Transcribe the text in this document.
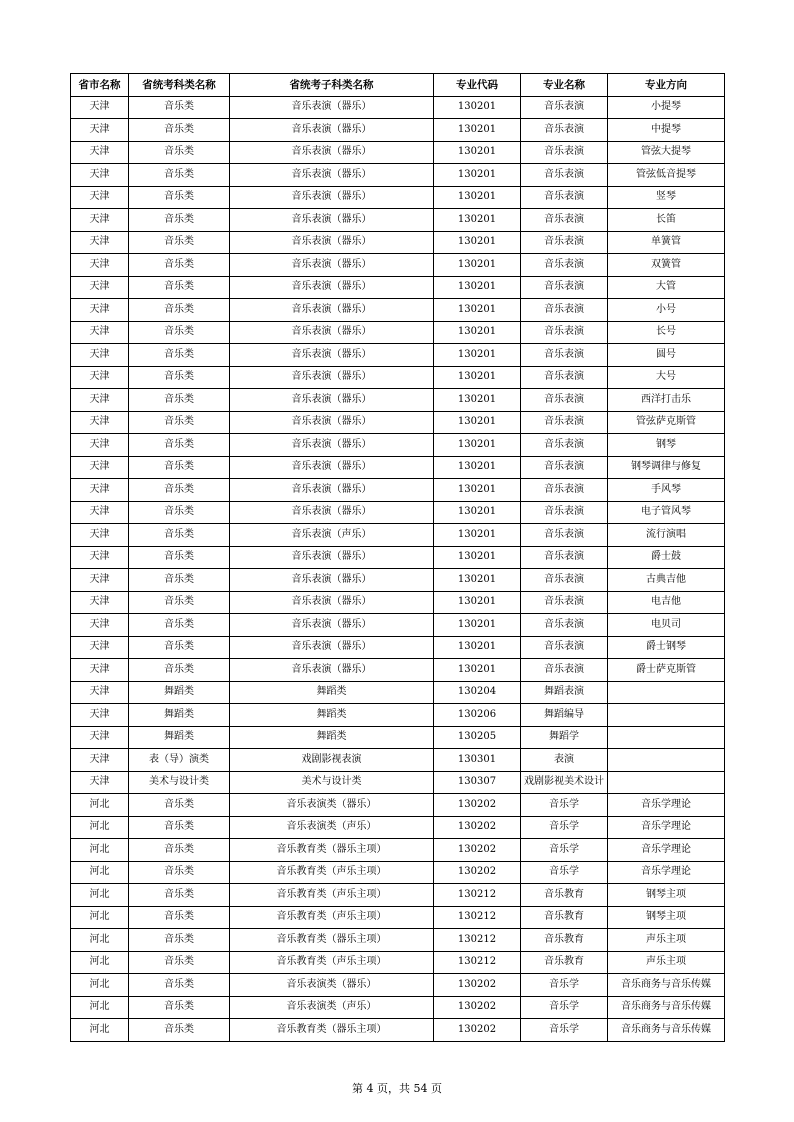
省市名称	省统考科类名称	省统考子科类名称	专业代码	专业名称	专业方向
天津	音乐类	音乐表演（器乐）	130201	音乐表演	小提琴
天津	音乐类	音乐表演（器乐）	130201	音乐表演	中提琴
天津	音乐类	音乐表演（器乐）	130201	音乐表演	管弦大提琴
天津	音乐类	音乐表演（器乐）	130201	音乐表演	管弦低音提琴
天津	音乐类	音乐表演（器乐）	130201	音乐表演	竖琴
天津	音乐类	音乐表演（器乐）	130201	音乐表演	长笛
天津	音乐类	音乐表演（器乐）	130201	音乐表演	单簧管
天津	音乐类	音乐表演（器乐）	130201	音乐表演	双簧管
天津	音乐类	音乐表演（器乐）	130201	音乐表演	大管
天津	音乐类	音乐表演（器乐）	130201	音乐表演	小号
天津	音乐类	音乐表演（器乐）	130201	音乐表演	长号
天津	音乐类	音乐表演（器乐）	130201	音乐表演	圆号
天津	音乐类	音乐表演（器乐）	130201	音乐表演	大号
天津	音乐类	音乐表演（器乐）	130201	音乐表演	西洋打击乐
天津	音乐类	音乐表演（器乐）	130201	音乐表演	管弦萨克斯管
天津	音乐类	音乐表演（器乐）	130201	音乐表演	钢琴
天津	音乐类	音乐表演（器乐）	130201	音乐表演	钢琴调律与修复
天津	音乐类	音乐表演（器乐）	130201	音乐表演	手风琴
天津	音乐类	音乐表演（器乐）	130201	音乐表演	电子管风琴
天津	音乐类	音乐表演（声乐）	130201	音乐表演	流行演唱
天津	音乐类	音乐表演（器乐）	130201	音乐表演	爵士鼓
天津	音乐类	音乐表演（器乐）	130201	音乐表演	古典吉他
天津	音乐类	音乐表演（器乐）	130201	音乐表演	电吉他
天津	音乐类	音乐表演（器乐）	130201	音乐表演	电贝司
天津	音乐类	音乐表演（器乐）	130201	音乐表演	爵士钢琴
天津	音乐类	音乐表演（器乐）	130201	音乐表演	爵士萨克斯管
天津	舞蹈类	舞蹈类	130204	舞蹈表演	
天津	舞蹈类	舞蹈类	130206	舞蹈编导	
天津	舞蹈类	舞蹈类	130205	舞蹈学	
天津	表（导）演类	戏剧影视表演	130301	表演	
天津	美术与设计类	美术与设计类	130307	戏剧影视美术设计	
河北	音乐类	音乐表演类（器乐）	130202	音乐学	音乐学理论
河北	音乐类	音乐表演类（声乐）	130202	音乐学	音乐学理论
河北	音乐类	音乐教育类（器乐主项）	130202	音乐学	音乐学理论
河北	音乐类	音乐教育类（声乐主项）	130202	音乐学	音乐学理论
河北	音乐类	音乐教育类（声乐主项）	130212	音乐教育	钢琴主项
河北	音乐类	音乐教育类（声乐主项）	130212	音乐教育	钢琴主项
河北	音乐类	音乐教育类（器乐主项）	130212	音乐教育	声乐主项
河北	音乐类	音乐教育类（声乐主项）	130212	音乐教育	声乐主项
河北	音乐类	音乐表演类（器乐）	130202	音乐学	音乐商务与音乐传媒
河北	音乐类	音乐表演类（声乐）	130202	音乐学	音乐商务与音乐传媒
河北	音乐类	音乐教育类（器乐主项）	130202	音乐学	音乐商务与音乐传媒
第 4 页，共 54 页
